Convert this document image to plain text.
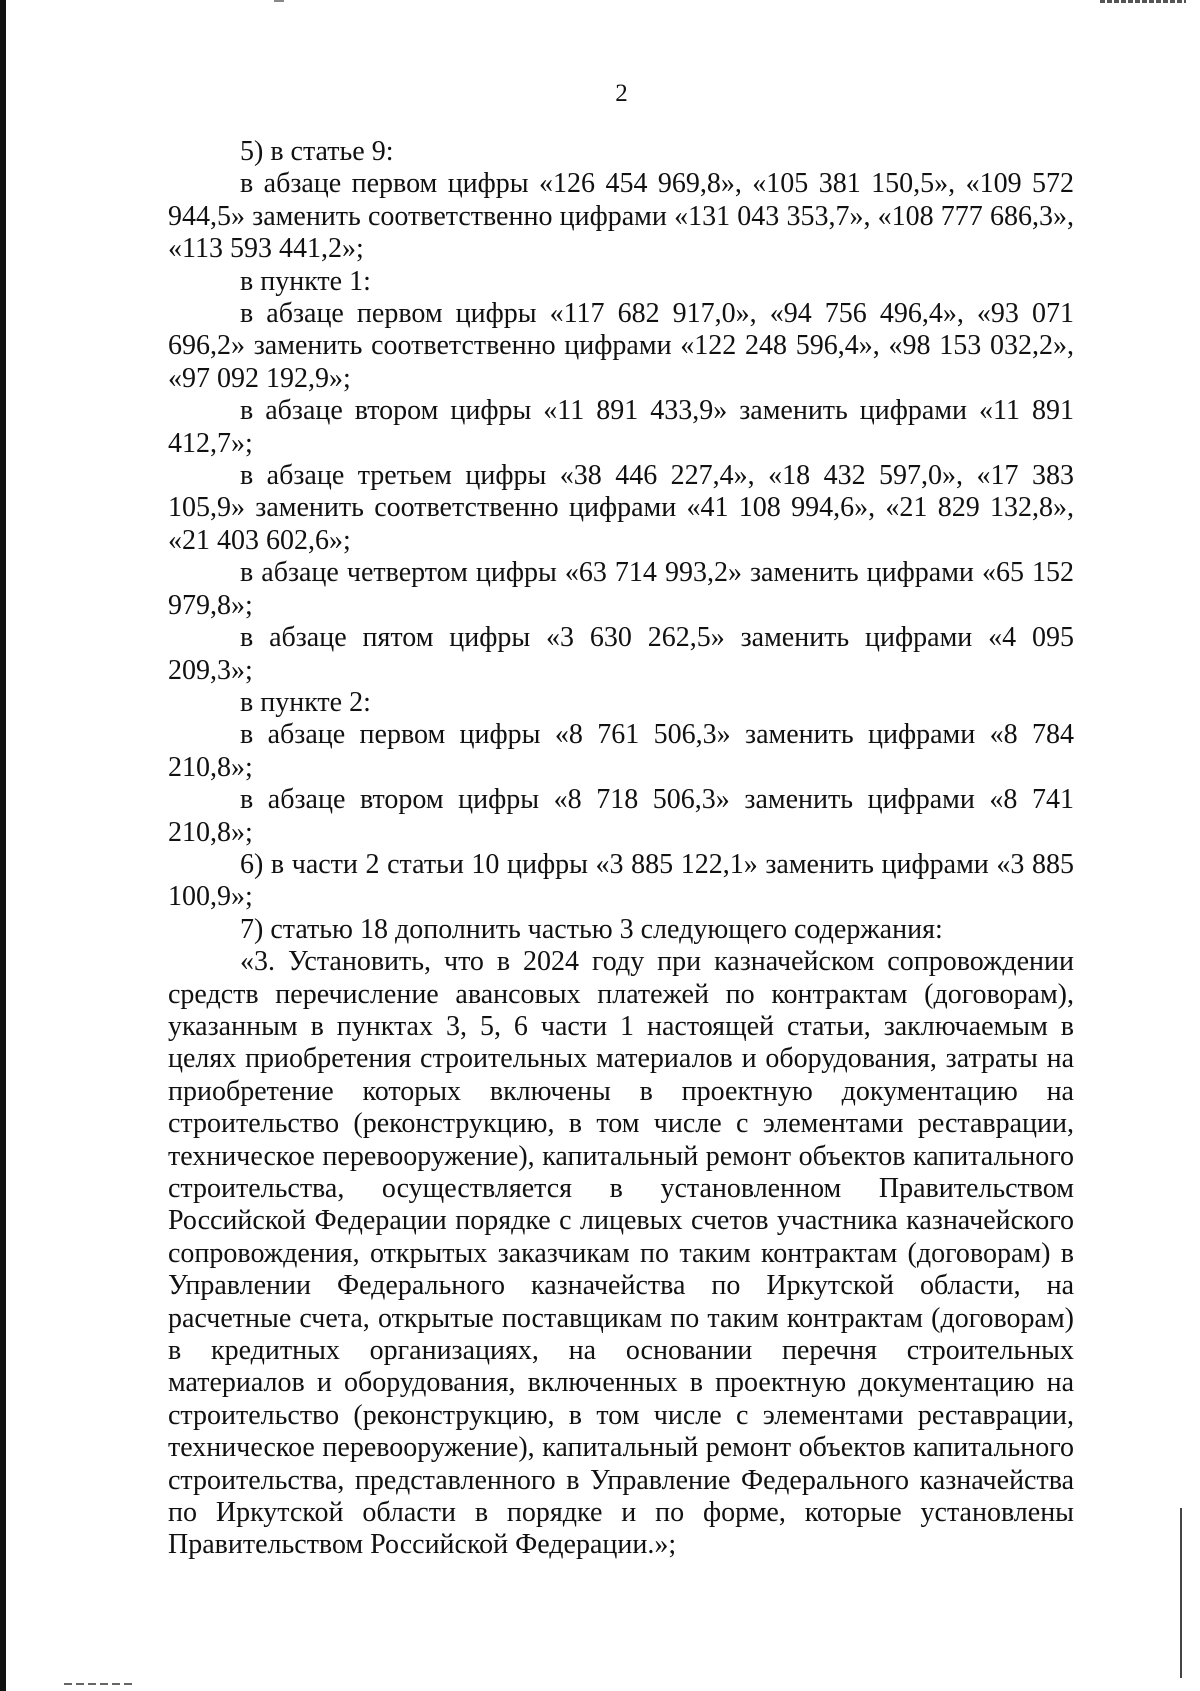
2

5) в статье 9:

в абзаце первом цифры «126 454 969,8», «105 381 150,5», «109 572 944,5» заменить соответственно цифрами «131 043 353,7», «108 777 686,3», «113 593 441,2»;

в пункте 1:

в абзаце первом цифры «117 682 917,0», «94 756 496,4», «93 071 696,2» заменить соответственно цифрами «122 248 596,4», «98 153 032,2», «97 092 192,9»;

в абзаце втором цифры «11 891 433,9» заменить цифрами «11 891 412,7»;

в абзаце третьем цифры «38 446 227,4», «18 432 597,0», «17 383 105,9» заменить соответственно цифрами «41 108 994,6», «21 829 132,8», «21 403 602,6»;

в абзаце четвертом цифры «63 714 993,2» заменить цифрами «65 152 979,8»;

в абзаце пятом цифры «3 630 262,5» заменить цифрами «4 095 209,3»;

в пункте 2:

в абзаце первом цифры «8 761 506,3» заменить цифрами «8 784 210,8»;

в абзаце втором цифры «8 718 506,3» заменить цифрами «8 741 210,8»;

6) в части 2 статьи 10 цифры «3 885 122,1» заменить цифрами «3 885 100,9»;

7) статью 18 дополнить частью 3 следующего содержания:

«3. Установить, что в 2024 году при казначейском сопровождении средств перечисление авансовых платежей по контрактам (договорам), указанным в пунктах 3, 5, 6 части 1 настоящей статьи, заключаемым в целях приобретения строительных материалов и оборудования, затраты на приобретение которых включены в проектную документацию на строительство (реконструкцию, в том числе с элементами реставрации, техническое перевооружение), капитальный ремонт объектов капитального строительства, осуществляется в установленном Правительством Российской Федерации порядке с лицевых счетов участника казначейского сопровождения, открытых заказчикам по таким контрактам (договорам) в Управлении Федерального казначейства по Иркутской области, на расчетные счета, открытые поставщикам по таким контрактам (договорам) в кредитных организациях, на основании перечня строительных материалов и оборудования, включенных в проектную документацию на строительство (реконструкцию, в том числе с элементами реставрации, техническое перевооружение), капитальный ремонт объектов капитального строительства, представленного в Управление Федерального казначейства по Иркутской области в порядке и по форме, которые установлены Правительством Российской Федерации.»;
